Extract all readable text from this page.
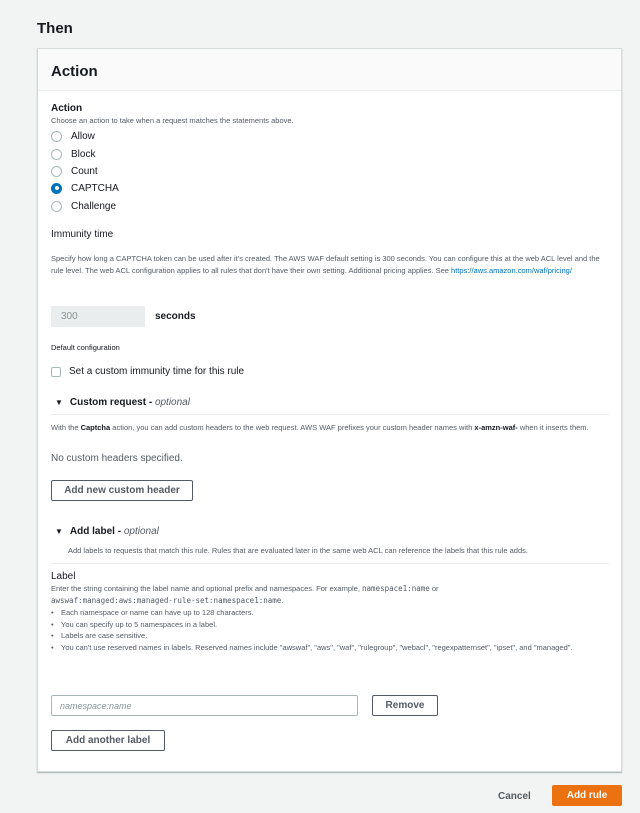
Then
Action
Action
Choose an action to take when a request matches the statements above.
Allow
Block
Count
CAPTCHA
Challenge
Immunity time
Specify how long a CAPTCHA token can be used after it's created. The AWS WAF default setting is 300 seconds. You can configure this at the web ACL level and the rule level. The web ACL configuration applies to all rules that don't have their own setting. Additional pricing applies. See https://aws.amazon.com/waf/pricing/
300	seconds
Default configuration
Set a custom immunity time for this rule
▼ Custom request - optional
With the Captcha action, you can add custom headers to the web request. AWS WAF prefixes your custom header names with x-amzn-waf- when it inserts them.
No custom headers specified.
Add new custom header
▼ Add label - optional
Add labels to requests that match this rule. Rules that are evaluated later in the same web ACL can reference the labels that this rule adds.
Label
Enter the string containing the label name and optional prefix and namespaces. For example, namespace1:name or
awswaf:managed:aws:managed-rule-set:namespace1:name.
• Each namespace or name can have up to 128 characters.
• You can specify up to 5 namespaces in a label.
• Labels are case sensitive.
• You can't use reserved names in labels. Reserved names include "awswaf", "aws", "waf", "rulegroup", "webacl", "regexpatternset", "ipset", and "managed".
namespace:name	Remove
Add another label
Cancel	Add rule
